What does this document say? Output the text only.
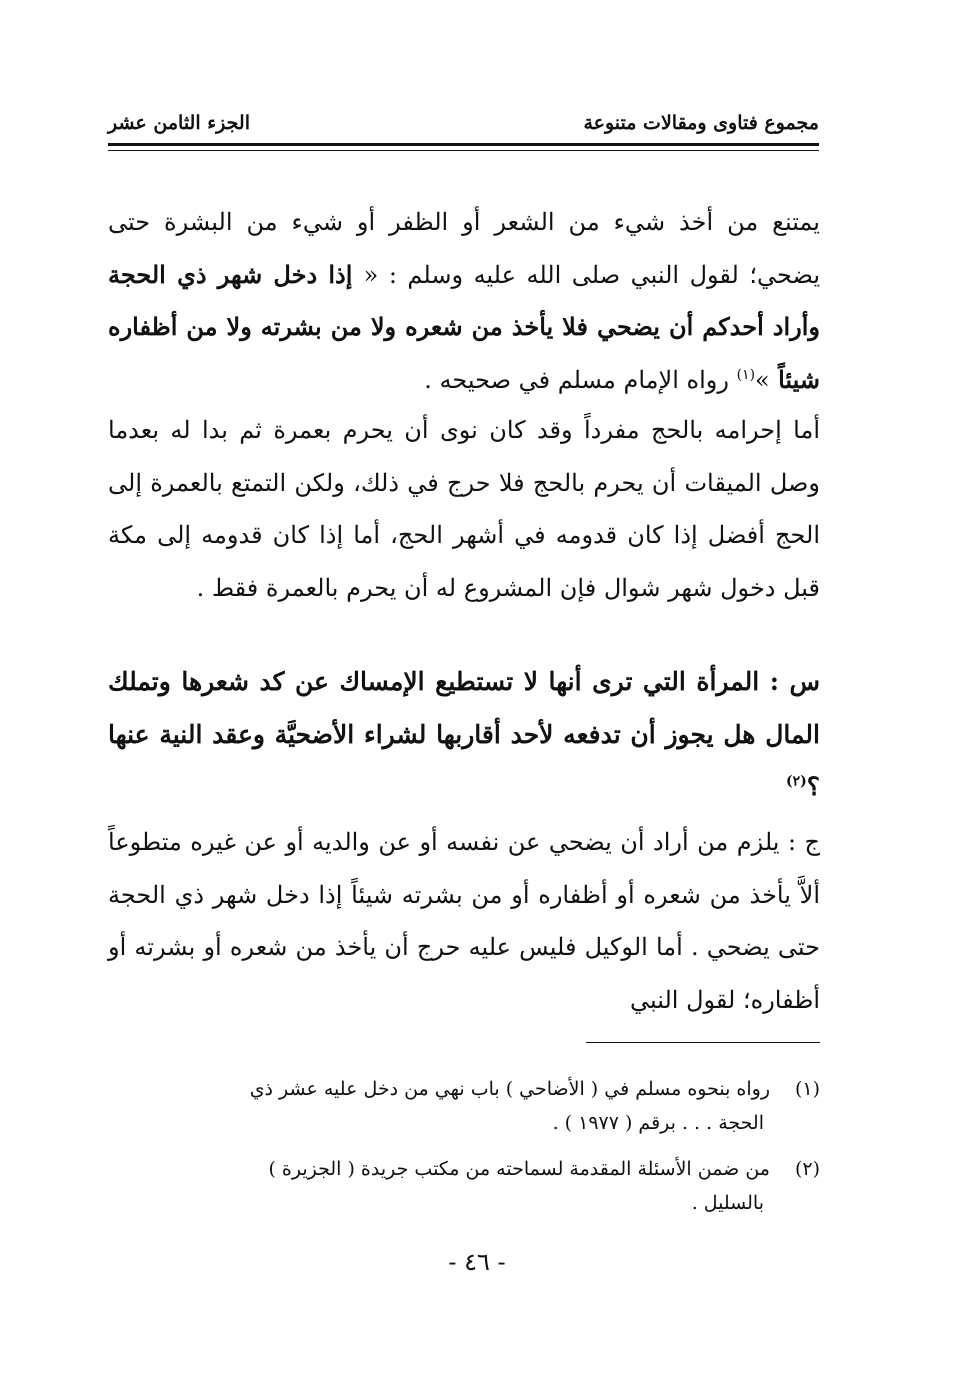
مجموع فتاوى ومقالات متنوعة
الجزء الثامن عشر
يمتنع من أخذ شيء من الشعر أو الظفر أو شيء من البشرة حتى يضحي؛ لقول النبي صلى الله عليه وسلم : « إذا دخل شهر ذي الحجة وأراد أحدكم أن يضحي فلا يأخذ من شعره ولا من بشرته ولا من أظفاره شيئاً »$^{(١)}$ رواه الإمام مسلم في صحيحه .
أما إحرامه بالحج مفرداً وقد كان نوى أن يحرم بعمرة ثم بدا له بعدما وصل الميقات أن يحرم بالحج فلا حرج في ذلك، ولكن التمتع بالعمرة إلى الحج أفضل إذا كان قدومه في أشهر الحج، أما إذا كان قدومه إلى مكة قبل دخول شهر شوال فإن المشروع له أن يحرم بالعمرة فقط .
س : المرأة التي ترى أنها لا تستطيع الإمساك عن كد شعرها وتملك المال هل يجوز أن تدفعه لأحد أقاربها لشراء الأضحيَّة وعقد النية عنها ؟$^{(٢)}$
ج : يلزم من أراد أن يضحي عن نفسه أو عن والديه أو عن غيره متطوعاً ألاَّ يأخذ من شعره أو أظفاره أو من بشرته شيئاً إذا دخل شهر ذي الحجة حتى يضحي . أما الوكيل فليس عليه حرج أن يأخذ من شعره أو بشرته أو أظفاره؛ لقول النبي
(١)رواه بنحوه مسلم في ( الأضاحي ) باب نهي من دخل عليه عشر ذي
الحجة . . . برقم ( ١٩٧٧ ) .
(٢)من ضمن الأسئلة المقدمة لسماحته من مكتب جريدة ( الجزيرة )
بالسليل .
- ٤٦ -
